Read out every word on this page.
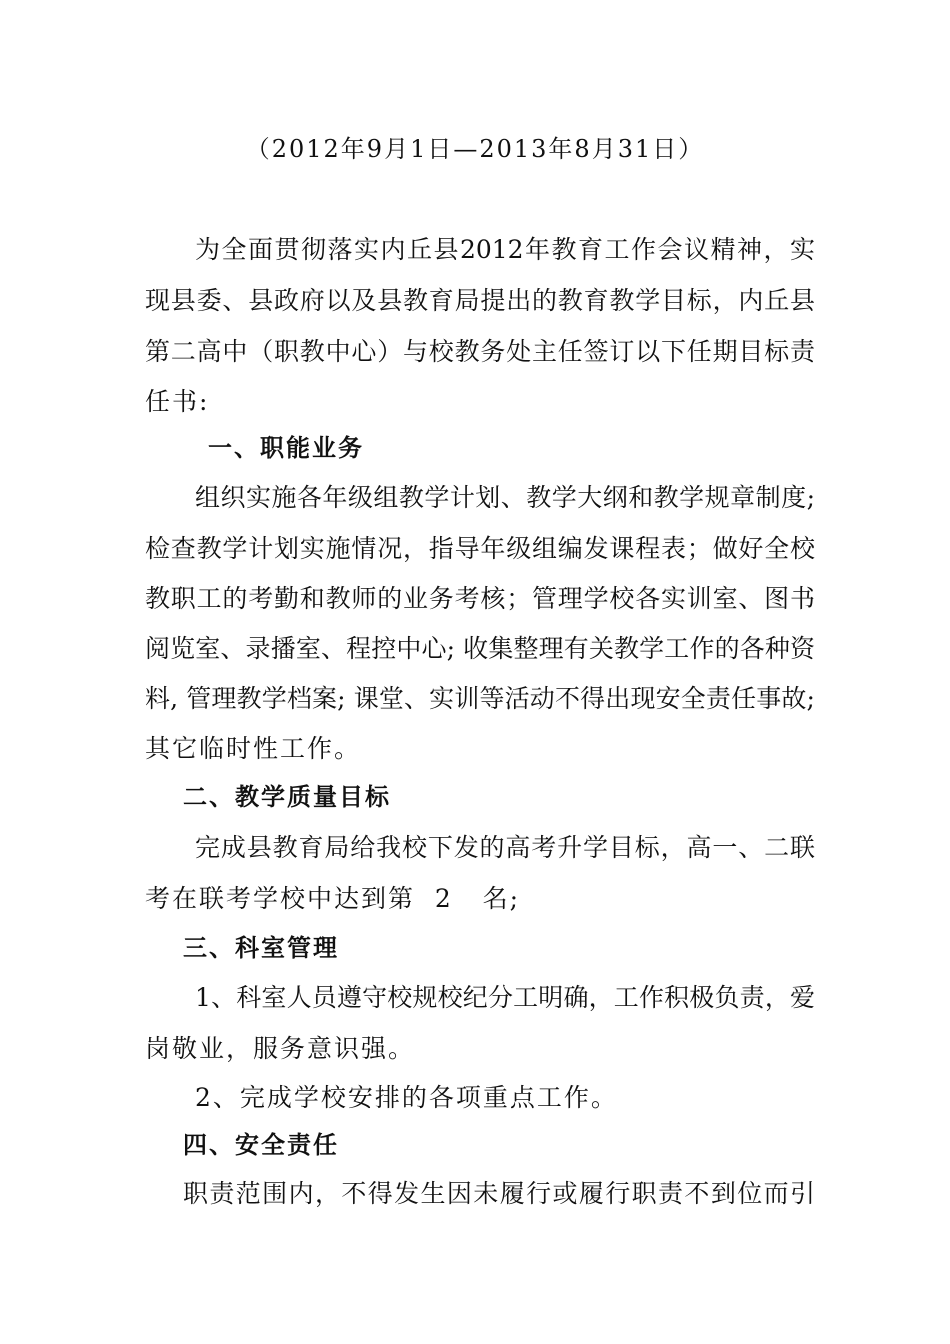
（2012年9月1日—2013年8月31日）
为全面贯彻落实内丘县2012年教育工作会议精神，实
现县委、县政府以及县教育局提出的教育教学目标，内丘县
第二高中（职教中心）与校教务处主任签订以下任期目标责
任书:
一、职能业务
组织实施各年级组教学计划、教学大纲和教学规章制度;
检查教学计划实施情况，指导年级组编发课程表；做好全校
教职工的考勤和教师的业务考核；管理学校各实训室、图书
阅览室、录播室、程控中心; 收集整理有关教学工作的各种资
料, 管理教学档案; 课堂、实训等活动不得出现安全责任事故;
其它临时性工作。
二、教学质量目标
完成县教育局给我校下发的高考升学目标，高一、二联
考在联考学校中达到第  2   名;
三、科室管理
1、科室人员遵守校规校纪分工明确，工作积极负责，爱
岗敬业，服务意识强。
2、完成学校安排的各项重点工作。
四、安全责任
职责范围内，不得发生因未履行或履行职责不到位而引
